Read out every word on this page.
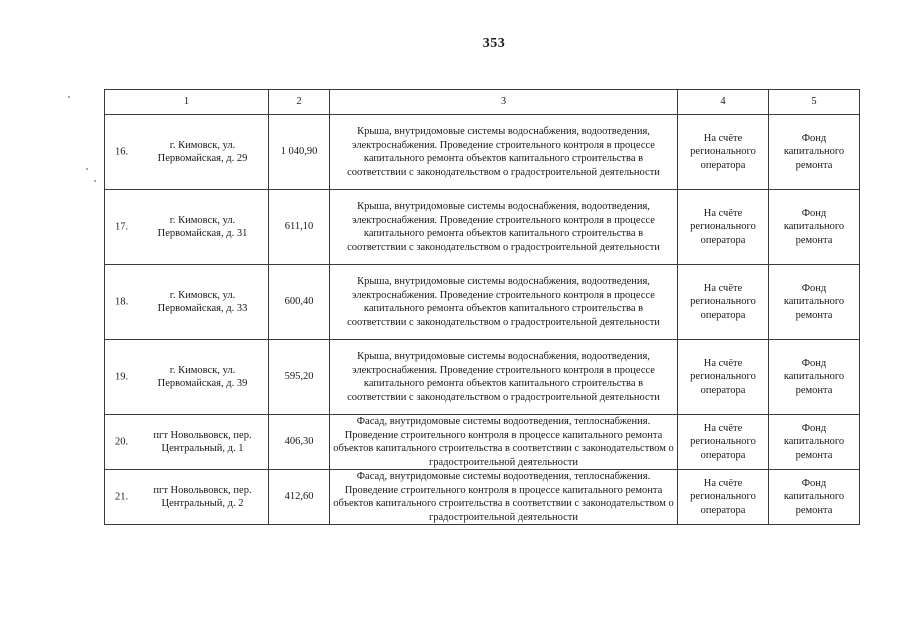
353
1	2	3	4	5

16.
г. Кимовск, ул. Первомайская, д. 29	1 040,90	Крыша, внутридомовые системы водоснабжения, водоотведения, электроснабжения. Проведение строительного контроля в процессе капитального ремонта объектов капитального строительства в соответствии с законодательством о градостроительной деятельности	На счёте регионального оператора	Фонд капитального ремонта

17.
г. Кимовск, ул. Первомайская, д. 31	611,10	Крыша, внутридомовые системы водоснабжения, водоотведения, электроснабжения. Проведение строительного контроля в процессе капитального ремонта объектов капитального строительства в соответствии с законодательством о градостроительной деятельности	На счёте регионального оператора	Фонд капитального ремонта

18.
г. Кимовск, ул. Первомайская, д. 33	600,40	Крыша, внутридомовые системы водоснабжения, водоотведения, электроснабжения. Проведение строительного контроля в процессе капитального ремонта объектов капитального строительства в соответствии с законодательством о градостроительной деятельности	На счёте регионального оператора	Фонд капитального ремонта

19.
г. Кимовск, ул. Первомайская, д. 39	595,20	Крыша, внутридомовые системы водоснабжения, водоотведения, электроснабжения. Проведение строительного контроля в процессе капитального ремонта объектов капитального строительства в соответствии с законодательством о градостроительной деятельности	На счёте регионального оператора	Фонд капитального ремонта

20.
пгт Новольвовск, пер. Центральный, д. 1	406,30	Фасад, внутридомовые системы водоотведения, теплоснабжения. Проведение строительного контроля в процессе капитального ремонта объектов капитального строительства в соответствии с законодательством о градостроительной деятельности	На счёте регионального оператора	Фонд капитального ремонта

21.
пгт Новольвовск, пер. Центральный, д. 2	412,60	Фасад, внутридомовые системы водоотведения, теплоснабжения. Проведение строительного контроля в процессе капитального ремонта объектов капитального строительства в соответствии с законодательством о градостроительной деятельности	На счёте регионального оператора	Фонд капитального ремонта
